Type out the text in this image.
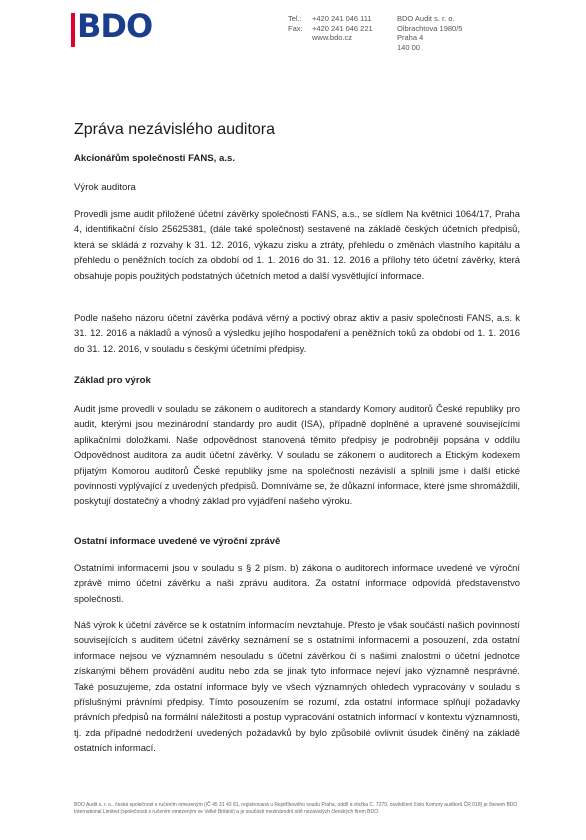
BDO	Tel.: +420 241 046 111
Fax: +420 241 046 221
www.bdo.cz
BDO Audit s. r. o.
Olbrachtova 1980/5
Praha 4
140 00
Zpráva nezávislého auditora
Akcionářům společnosti FANS, a.s.
Výrok auditora
Provedli jsme audit přiložené účetní závěrky společnosti FANS, a.s., se sídlem Na květnici 1064/17, Praha 4, identifikační číslo 25625381, (dále také společnost) sestavené na základě českých účetních předpisů, která se skládá z rozvahy k 31. 12. 2016, výkazu zisku a ztráty, přehledu o změnách vlastního kapitálu a přehledu o peněžních tocích za období od 1. 1. 2016 do 31. 12. 2016 a přílohy této účetní závěrky, která obsahuje popis použitých podstatných účetních metod a další vysvětlující informace.
Podle našeho názoru účetní závěrka podává věrný a poctivý obraz aktiv a pasiv společnosti FANS, a.s. k 31. 12. 2016 a nákladů a výnosů a výsledku jejího hospodaření a peněžních toků za období od 1. 1. 2016 do 31. 12. 2016, v souladu s českými účetními předpisy.
Základ pro výrok
Audit jsme provedli v souladu se zákonem o auditorech a standardy Komory auditorů České republiky pro audit, kterými jsou mezinárodní standardy pro audit (ISA), případně doplněné a upravené souvisejícími aplikačními doložkami. Naše odpovědnost stanovená těmito předpisy je podrobněji popsána v oddílu Odpovědnost auditora za audit účetní závěrky. V souladu se zákonem o auditorech a Etickým kodexem přijatým Komorou auditorů České republiky jsme na společnosti nezávislí a splnili jsme i další etické povinnosti vyplývající z uvedených předpisů. Domníváme se, že důkazní informace, které jsme shromáždili, poskytují dostatečný a vhodný základ pro vyjádření našeho výroku.
Ostatní informace uvedené ve výroční zprávě
Ostatními informacemi jsou v souladu s § 2 písm. b) zákona o auditorech informace uvedené ve výroční zprávě mimo účetní závěrku a naši zprávu auditora. Za ostatní informace odpovídá představenstvo společnosti.
Náš výrok k účetní závěrce se k ostatním informacím nevztahuje. Přesto je však součástí našich povinností souvisejících s auditem účetní závěrky seznámení se s ostatními informacemi a posouzení, zda ostatní informace nejsou ve významném nesouladu s účetní závěrkou či s našimi znalostmi o účetní jednotce získanými během provádění auditu nebo zda se jinak tyto informace nejeví jako významně nesprávné. Také posuzujeme, zda ostatní informace byly ve všech významných ohledech vypracovány v souladu s příslušnými právními předpisy. Tímto posouzením se rozumí, zda ostatní informace splňují požadavky právních předpisů na formální náležitosti a postup vypracování ostatních informací v kontextu významnosti, tj. zda případné nedodržení uvedených požadavků by bylo způsobilé ovlivnit úsudek činěný na základě ostatních informací.
BDO Audit s. r. o., česká společnost s ručením omezeným (IČ 45 31 43 81, registrovaná u Rejstříkového soudu Praha, oddíl a vložka C. 7279, osvědčení číslo Komory auditorů ČR 018) je členem BDO International Limited (společnosti s ručením omezeným ve Velké Británii) a je součástí mezinárodní sítě nezávislých členských firem BDO.
